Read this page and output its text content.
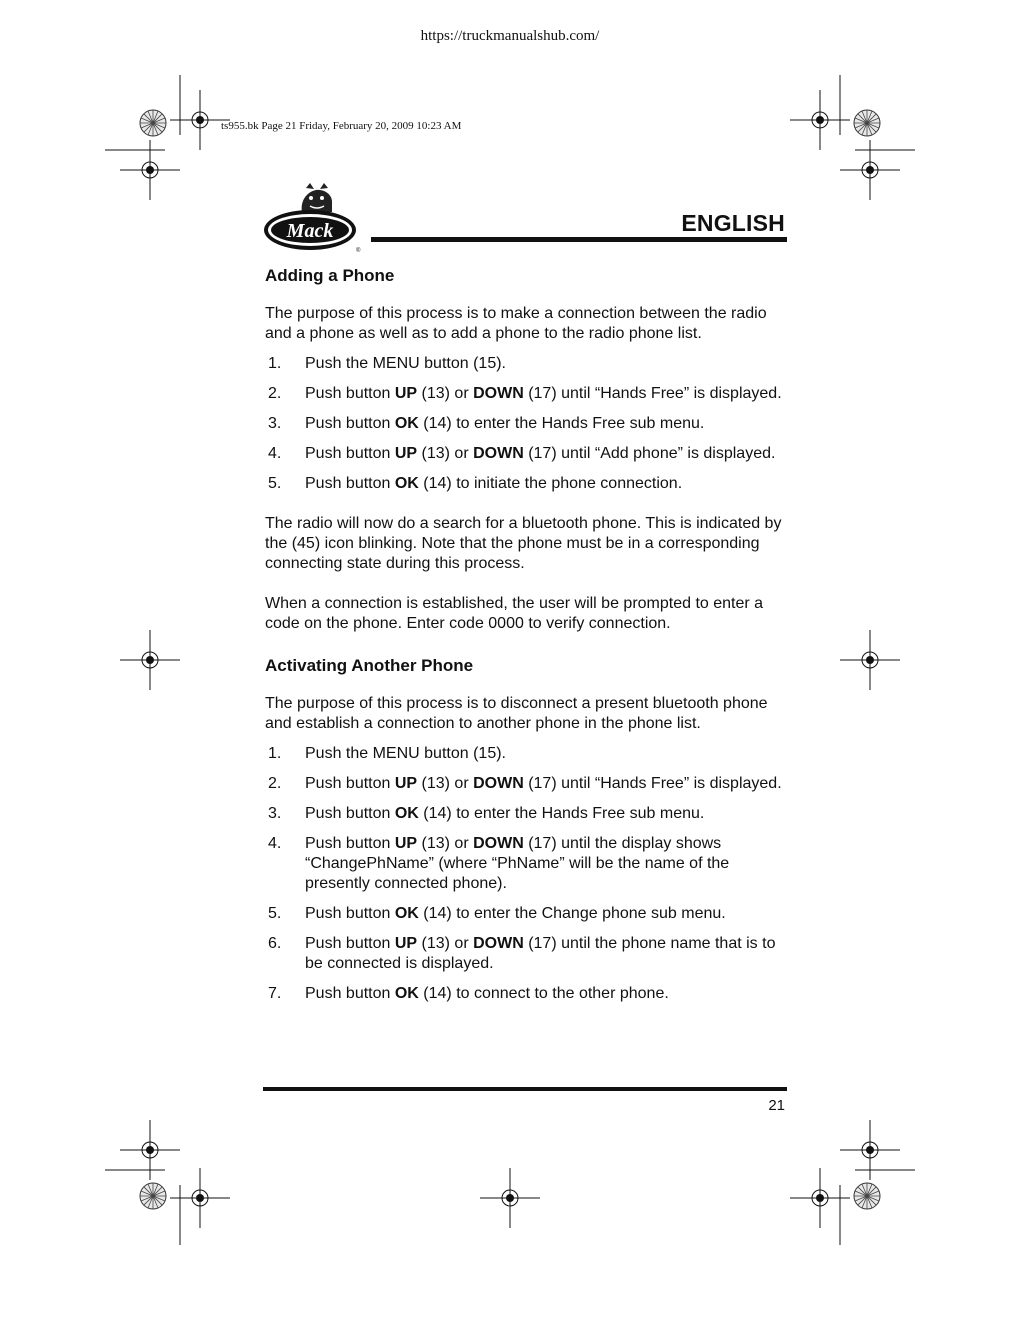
https://truckmanualshub.com/
ts955.bk Page 21 Friday, February 20, 2009 10:23 AM
Mack
®
ENGLISH
Adding a Phone

The purpose of this process is to make a connection between the radio and a phone as well as to add a phone to the radio phone list.

1. Push the MENU button (15).
2. Push button UP (13) or DOWN (17) until “Hands Free” is displayed.
3. Push button OK (14) to enter the Hands Free sub menu.
4. Push button UP (13) or DOWN (17) until “Add phone” is displayed.
5. Push button OK (14) to initiate the phone connection.

The radio will now do a search for a bluetooth phone. This is indicated by the (45) icon blinking. Note that the phone must be in a corresponding connecting state during this process.

When a connection is established, the user will be prompted to enter a code on the phone. Enter code 0000 to verify connection.

Activating Another Phone

The purpose of this process is to disconnect a present bluetooth phone and establish a connection to another phone in the phone list.

1. Push the MENU button (15).
2. Push button UP (13) or DOWN (17) until “Hands Free” is displayed.
3. Push button OK (14) to enter the Hands Free sub menu.
4. Push button UP (13) or DOWN (17) until the display shows “ChangePhName” (where “PhName” will be the name of the presently connected phone).
5. Push button OK (14) to enter the Change phone sub menu.
6. Push button UP (13) or DOWN (17) until the phone name that is to be connected is displayed.
7. Push button OK (14) to connect to the other phone.
21
